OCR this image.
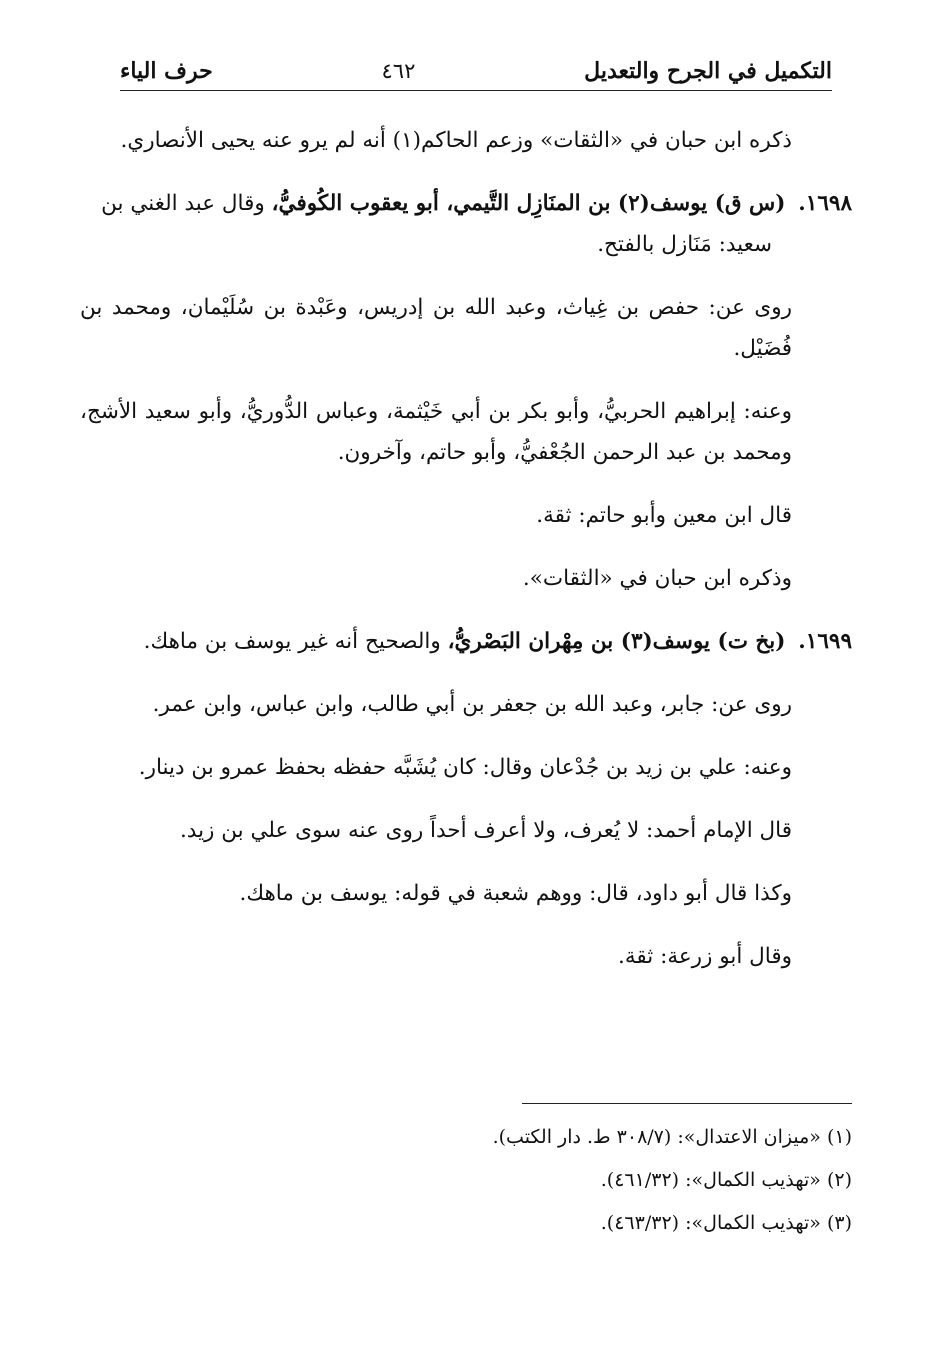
التكميل في الجرح والتعديل
٤٦٢
حرف الياء

ذكره ابن حبان في «الثقات» وزعم الحاكم(١) أنه لم يرو عنه يحيى الأنصاري.

١٦٩٨. (س ق) يوسف(٢) بن المنَازِل التَّيمي، أبو يعقوب الكُوفيُّ، وقال عبد الغني بن

سعيد: مَنَازل بالفتح.

روى عن: حفص بن غِياث، وعبد الله بن إدريس، وعَبْدة بن سُلَيْمان، ومحمد بن فُضَيْل.

وعنه: إبراهيم الحربيُّ، وأبو بكر بن أبي خَيْثمة، وعباس الدُّوريُّ، وأبو سعيد الأشج، ومحمد بن عبد الرحمن الجُعْفيُّ، وأبو حاتم، وآخرون.

قال ابن معين وأبو حاتم: ثقة.

وذكره ابن حبان في «الثقات».

١٦٩٩. (بخ ت) يوسف(٣) بن مِهْران البَصْريُّ، والصحيح أنه غير يوسف بن ماهك.

روى عن: جابر، وعبد الله بن جعفر بن أبي طالب، وابن عباس، وابن عمر.

وعنه: علي بن زيد بن جُدْعان وقال: كان يُشَبَّه حفظه بحفظ عمرو بن دينار.

قال الإمام أحمد: لا يُعرف، ولا أعرف أحداً روى عنه سوى علي بن زيد.

وكذا قال أبو داود، قال: ووهم شعبة في قوله: يوسف بن ماهك.

وقال أبو زرعة: ثقة.

(١) «ميزان الاعتدال»: (٣٠٨/٧ ط. دار الكتب).

(٢) «تهذيب الكمال»: (٤٦١/٣٢).

(٣) «تهذيب الكمال»: (٤٦٣/٣٢).
